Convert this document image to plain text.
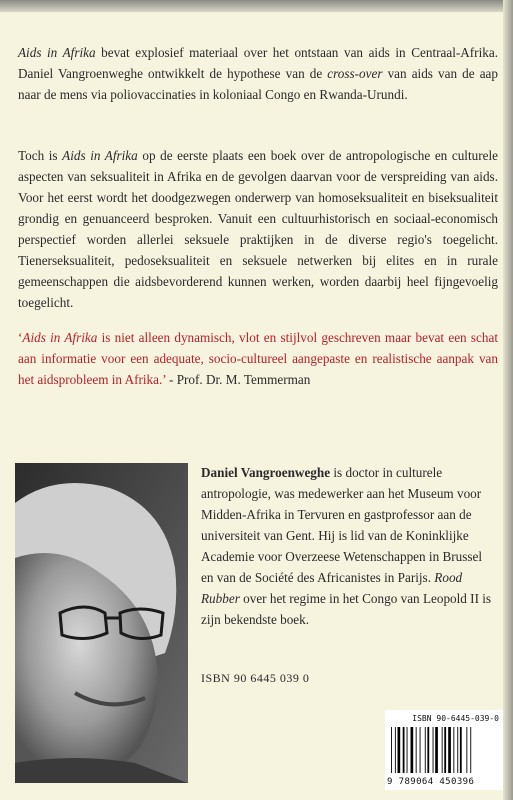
Aids in Afrika bevat explosief materiaal over het ontstaan van aids in Centraal-Afrika. Daniel Vangroenweghe ontwikkelt de hypothese van de cross-over van aids van de aap naar de mens via poliovaccinaties in koloniaal Congo en Rwanda-Urundi.
Toch is Aids in Afrika op de eerste plaats een boek over de antropologische en culturele aspecten van seksualiteit in Afrika en de gevolgen daarvan voor de verspreiding van aids. Voor het eerst wordt het doodgezwegen onderwerp van homoseksualiteit en biseksualiteit grondig en genuanceerd besproken. Vanuit een cultuurhistorisch en sociaal-economisch perspectief worden allerlei seksuele praktijken in de diverse regio's toegelicht. Tienerseksualiteit, pedoseksualiteit en seksuele netwerken bij elites en in rurale gemeenschappen die aidsbevorderend kunnen werken, worden daarbij heel fijngevoelig toegelicht.
‘Aids in Afrika is niet alleen dynamisch, vlot en stijlvol geschreven maar bevat een schat aan informatie voor een adequate, socio-cultureel aangepaste en realistische aanpak van het aidsprobleem in Afrika.’ - Prof. Dr. M. Temmerman
Daniel Vangroenweghe is doctor in culturele antropologie, was medewerker aan het Museum voor Midden-Afrika in Tervuren en gastprofessor aan de universiteit van Gent. Hij is lid van de Koninklijke Academie voor Overzeese Wetenschappen in Brussel en van de Société des Africanistes in Parijs. Rood Rubber over het regime in het Congo van Leopold II is zijn bekendste boek.
ISBN 90 6445 039 0
ISBN 90-6445-039-0
9 789064 450396
